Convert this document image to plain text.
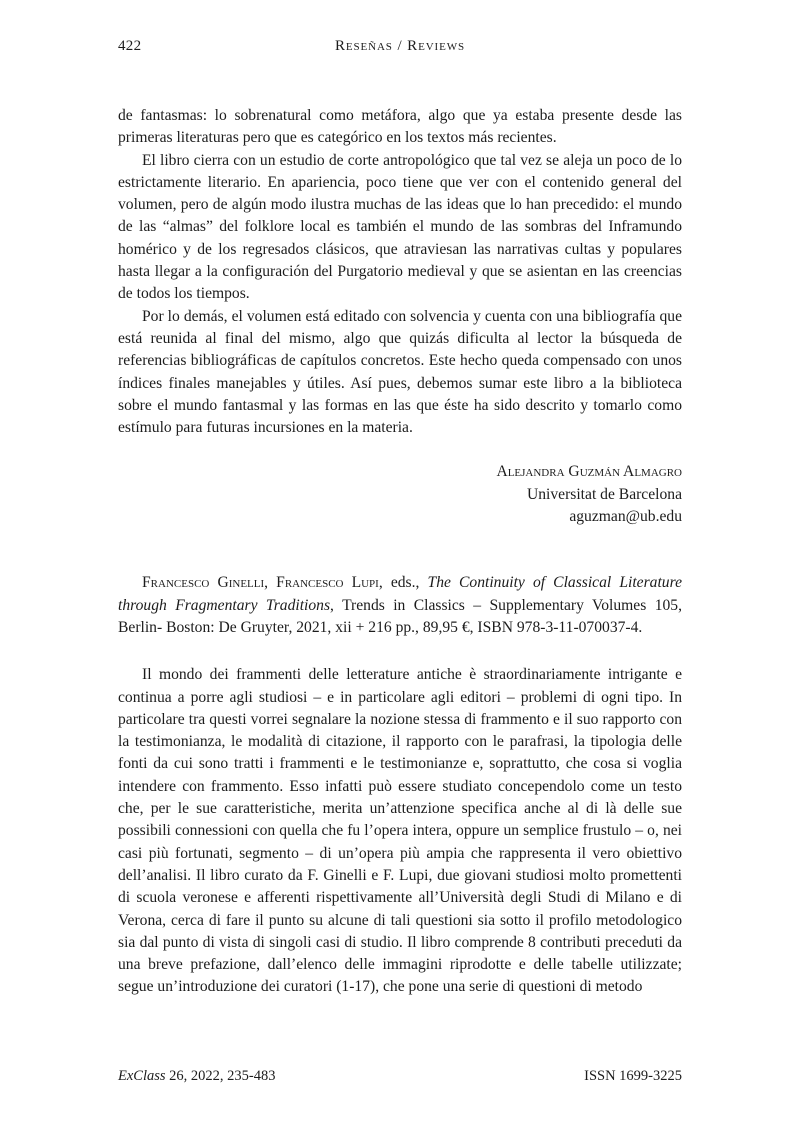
422	Reseñas / Reviews

de fantasmas: lo sobrenatural como metáfora, algo que ya estaba presente desde las primeras literaturas pero que es categórico en los textos más recientes.

El libro cierra con un estudio de corte antropológico que tal vez se aleja un poco de lo estrictamente literario. En apariencia, poco tiene que ver con el contenido general del volumen, pero de algún modo ilustra muchas de las ideas que lo han precedido: el mundo de las “almas” del folklore local es también el mundo de las sombras del Inframundo homérico y de los regresados clásicos, que atraviesan las narrativas cultas y populares hasta llegar a la configuración del Purgatorio medieval y que se asientan en las creencias de todos los tiempos.

Por lo demás, el volumen está editado con solvencia y cuenta con una bibliografía que está reunida al final del mismo, algo que quizás dificulta al lector la búsqueda de referencias bibliográficas de capítulos concretos. Este hecho queda compensado con unos índices finales manejables y útiles. Así pues, debemos sumar este libro a la biblioteca sobre el mundo fantasmal y las formas en las que éste ha sido descrito y tomarlo como estímulo para futuras incursiones en la materia.

Alejandra Guzmán Almagro
Universitat de Barcelona
aguzman@ub.edu

Francesco Ginelli, Francesco Lupi, eds., The Continuity of Classical Literature through Fragmentary Traditions, Trends in Classics – Supplementary Volumes 105, Berlin- Boston: De Gruyter, 2021, xii + 216 pp., 89,95 €, ISBN 978-3-11-070037-4.

Il mondo dei frammenti delle letterature antiche è straordinariamente intrigante e continua a porre agli studiosi – e in particolare agli editori – problemi di ogni tipo. In particolare tra questi vorrei segnalare la nozione stessa di frammento e il suo rapporto con la testimonianza, le modalità di citazione, il rapporto con le parafrasi, la tipologia delle fonti da cui sono tratti i frammenti e le testimonianze e, soprattutto, che cosa si voglia intendere con frammento. Esso infatti può essere studiato concependolo come un testo che, per le sue caratteristiche, merita un’attenzione specifica anche al di là delle sue possibili connessioni con quella che fu l’opera intera, oppure un semplice frustulo – o, nei casi più fortunati, segmento – di un’opera più ampia che rappresenta il vero obiettivo dell’analisi. Il libro curato da F. Ginelli e F. Lupi, due giovani studiosi molto promettenti di scuola veronese e afferenti rispettivamente all’Università degli Studi di Milano e di Verona, cerca di fare il punto su alcune di tali questioni sia sotto il profilo metodologico sia dal punto di vista di singoli casi di studio. Il libro comprende 8 contributi preceduti da una breve prefazione, dall’elenco delle immagini riprodotte e delle tabelle utilizzate; segue un’introduzione dei curatori (1-17), che pone una serie di questioni di metodo

ExClass 26, 2022, 235-483	ISSN 1699-3225
